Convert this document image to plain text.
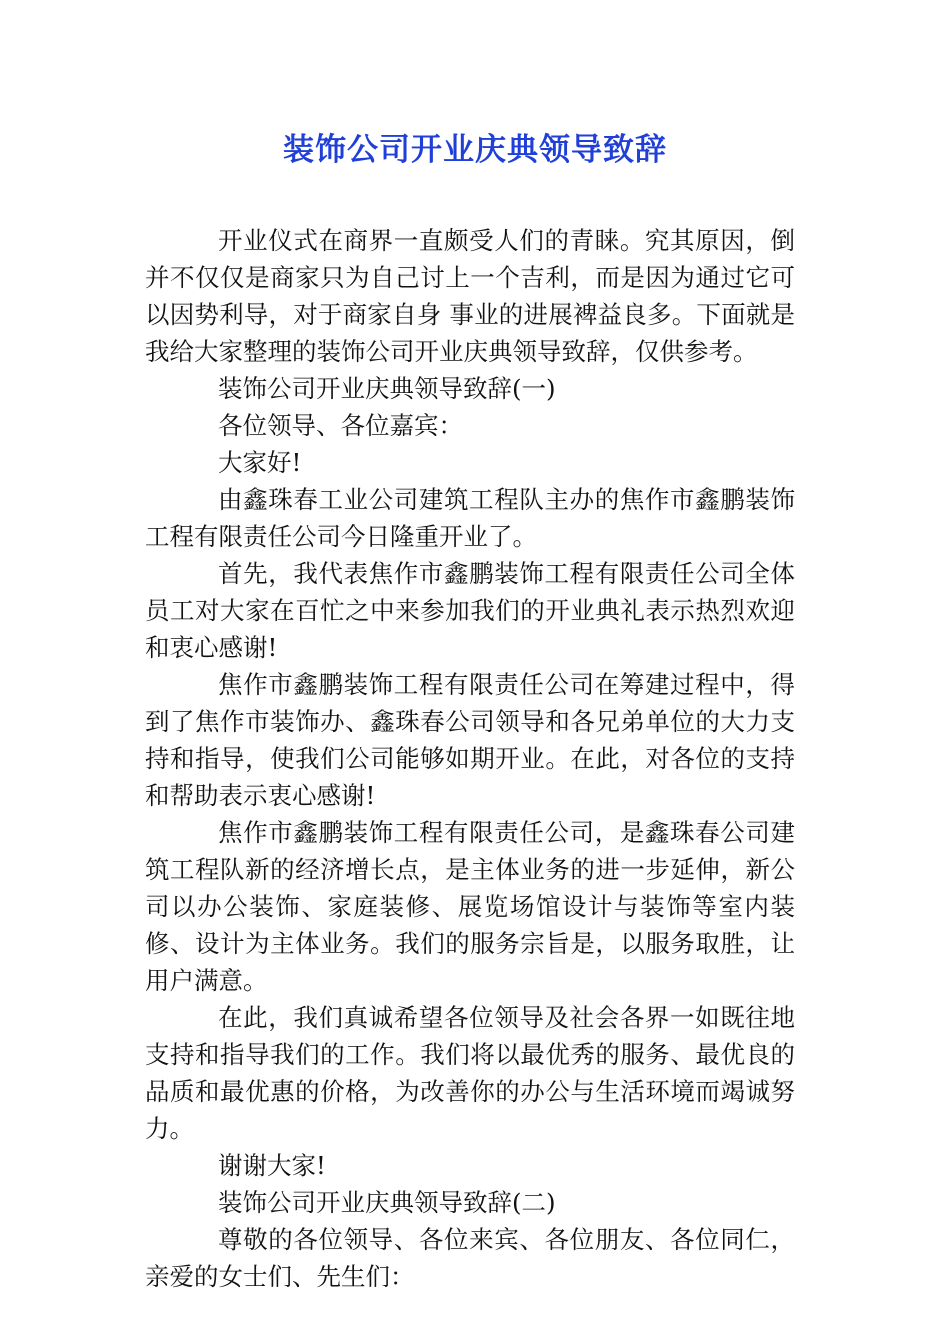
装饰公司开业庆典领导致辞

开业仪式在商界一直颇受人们的青睐。究其原因，倒并不仅仅是商家只为自己讨上一个吉利，而是因为通过它可以因势利导，对于商家自身 事业的进展裨益良多。下面就是我给大家整理的装饰公司开业庆典领导致辞，仅供参考。

装饰公司开业庆典领导致辞(一)

各位领导、各位嘉宾：

大家好!

由鑫珠春工业公司建筑工程队主办的焦作市鑫鹏装饰工程有限责任公司今日隆重开业了。

首先，我代表焦作市鑫鹏装饰工程有限责任公司全体员工对大家在百忙之中来参加我们的开业典礼表示热烈欢迎和衷心感谢!

焦作市鑫鹏装饰工程有限责任公司在筹建过程中，得到了焦作市装饰办、鑫珠春公司领导和各兄弟单位的大力支持和指导，使我们公司能够如期开业。在此，对各位的支持和帮助表示衷心感谢!

焦作市鑫鹏装饰工程有限责任公司，是鑫珠春公司建筑工程队新的经济增长点，是主体业务的进一步延伸，新公司以办公装饰、家庭装修、展览场馆设计与装饰等室内装修、设计为主体业务。我们的服务宗旨是，以服务取胜，让用户满意。

在此，我们真诚希望各位领导及社会各界一如既往地支持和指导我们的工作。我们将以最优秀的服务、最优良的品质和最优惠的价格，为改善你的办公与生活环境而竭诚努力。

谢谢大家!

装饰公司开业庆典领导致辞(二)

尊敬的各位领导、各位来宾、各位朋友、各位同仁，亲爱的女士们、先生们：
